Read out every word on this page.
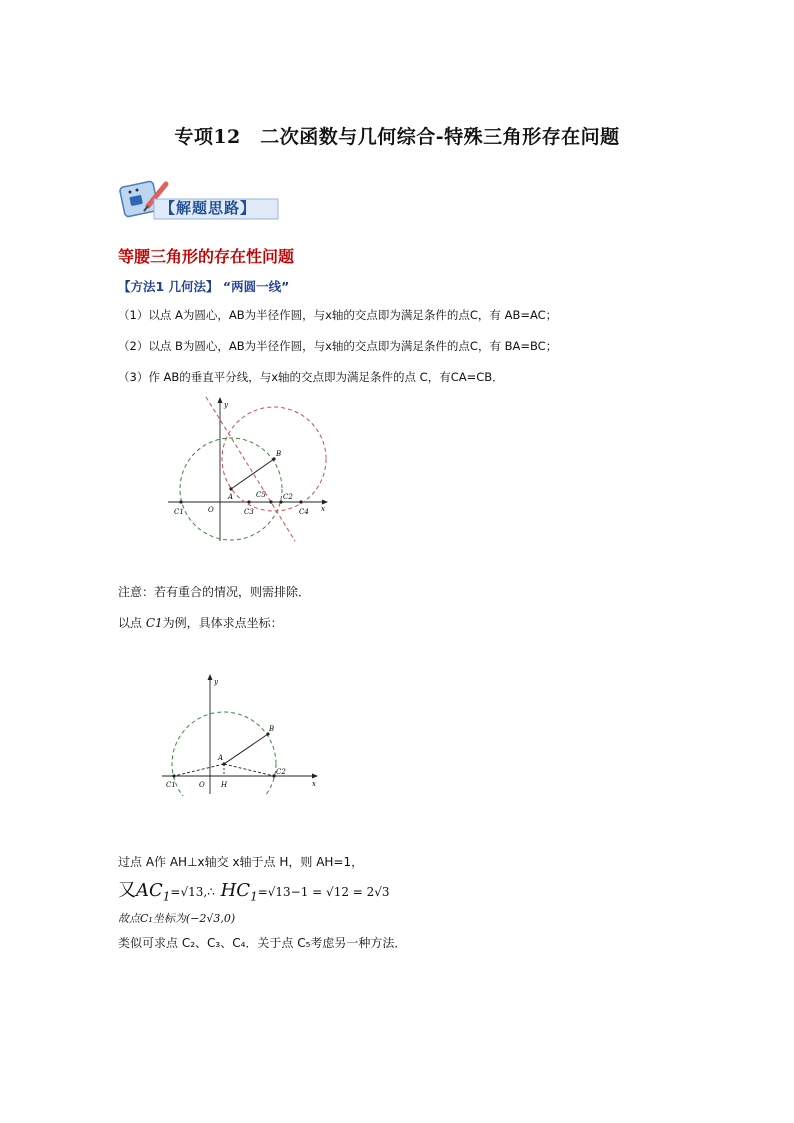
专项12　二次函数与几何综合-特殊三角形存在问题
【解题思路】
等腰三角形的存在性问题
【方法1 几何法】 “两圆一线”
（1）以点 A为圆心，AB为半径作圆，与x轴的交点即为满足条件的点C，有 AB=AC；
（2）以点 B为圆心，AB为半径作圆，与x轴的交点即为满足条件的点C，有 BA=BC；
（3）作 AB的垂直平分线，与x轴的交点即为满足条件的点 C，有CA=CB．
y
x
O
A
B
C1	C3
C5 C2
C4
注意：若有重合的情况，则需排除．
以点 C1为例，具体求点坐标：
y
x
O H
A
B
C1
C2
过点 A作 AH⊥x轴交 x轴于点 H，则 AH=1，
又$AC_1=√13,\therefore$ $HC_1=√13-1 = √12 = 2√3$
故点C₁坐标为(−2√3,0)
类似可求点 C₂、C₃、C₄．关于点 C₅考虑另一种方法．
